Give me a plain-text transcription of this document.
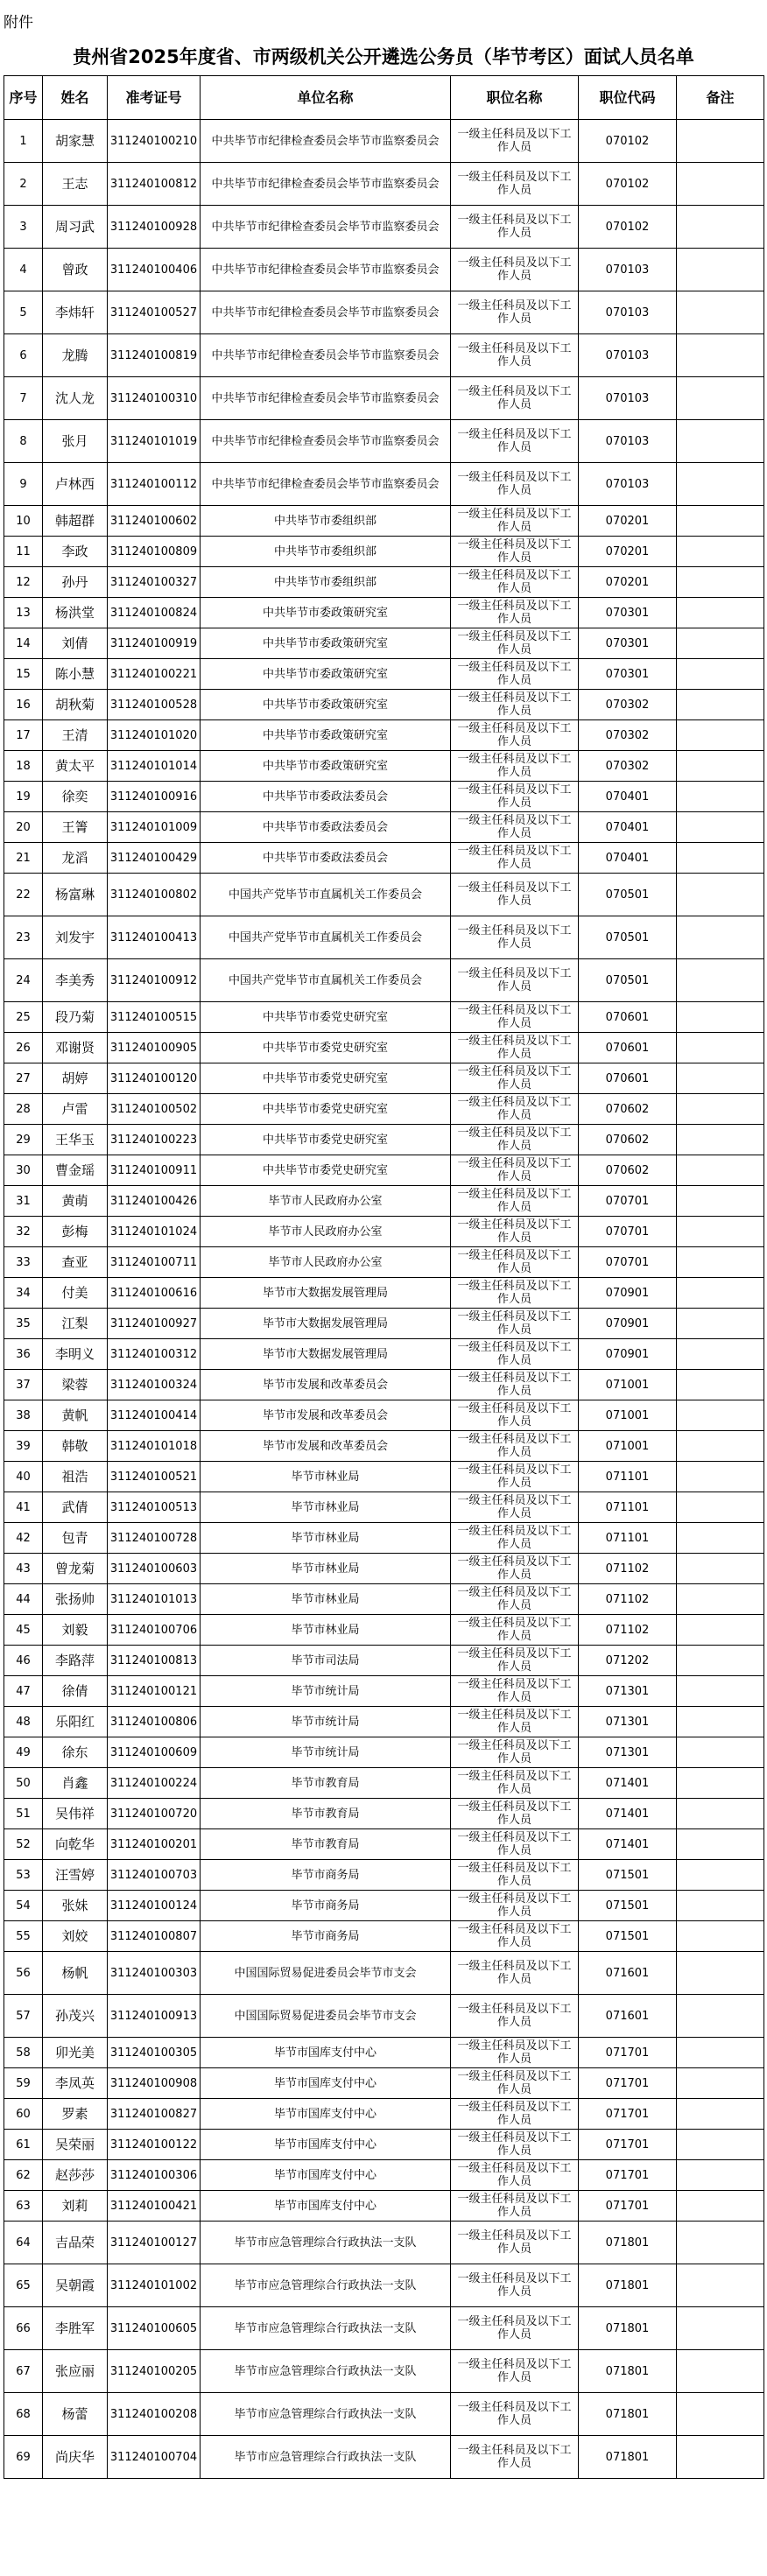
附件
贵州省2025年度省、市两级机关公开遴选公务员（毕节考区）面试人员名单
序号	姓名	准考证号	单位名称	职位名称	职位代码	备注
1	胡家慧	311240100210	中共毕节市纪律检查委员会毕节市监察委员会	一级主任科员及以下工作人员	070102	
2	王志	311240100812	中共毕节市纪律检查委员会毕节市监察委员会	一级主任科员及以下工作人员	070102	
3	周习武	311240100928	中共毕节市纪律检查委员会毕节市监察委员会	一级主任科员及以下工作人员	070102	
4	曾政	311240100406	中共毕节市纪律检查委员会毕节市监察委员会	一级主任科员及以下工作人员	070103	
5	李炜轩	311240100527	中共毕节市纪律检查委员会毕节市监察委员会	一级主任科员及以下工作人员	070103	
6	龙腾	311240100819	中共毕节市纪律检查委员会毕节市监察委员会	一级主任科员及以下工作人员	070103	
7	沈人龙	311240100310	中共毕节市纪律检查委员会毕节市监察委员会	一级主任科员及以下工作人员	070103	
8	张月	311240101019	中共毕节市纪律检查委员会毕节市监察委员会	一级主任科员及以下工作人员	070103	
9	卢林西	311240100112	中共毕节市纪律检查委员会毕节市监察委员会	一级主任科员及以下工作人员	070103	
10	韩超群	311240100602	中共毕节市委组织部	一级主任科员及以下工作人员	070201	
11	李政	311240100809	中共毕节市委组织部	一级主任科员及以下工作人员	070201	
12	孙丹	311240100327	中共毕节市委组织部	一级主任科员及以下工作人员	070201	
13	杨洪堂	311240100824	中共毕节市委政策研究室	一级主任科员及以下工作人员	070301	
14	刘倩	311240100919	中共毕节市委政策研究室	一级主任科员及以下工作人员	070301	
15	陈小慧	311240100221	中共毕节市委政策研究室	一级主任科员及以下工作人员	070301	
16	胡秋菊	311240100528	中共毕节市委政策研究室	一级主任科员及以下工作人员	070302	
17	王清	311240101020	中共毕节市委政策研究室	一级主任科员及以下工作人员	070302	
18	黄太平	311240101014	中共毕节市委政策研究室	一级主任科员及以下工作人员	070302	
19	徐奕	311240100916	中共毕节市委政法委员会	一级主任科员及以下工作人员	070401	
20	王箐	311240101009	中共毕节市委政法委员会	一级主任科员及以下工作人员	070401	
21	龙滔	311240100429	中共毕节市委政法委员会	一级主任科员及以下工作人员	070401	
22	杨富琳	311240100802	中国共产党毕节市直属机关工作委员会	一级主任科员及以下工作人员	070501	
23	刘发宇	311240100413	中国共产党毕节市直属机关工作委员会	一级主任科员及以下工作人员	070501	
24	李美秀	311240100912	中国共产党毕节市直属机关工作委员会	一级主任科员及以下工作人员	070501	
25	段乃菊	311240100515	中共毕节市委党史研究室	一级主任科员及以下工作人员	070601	
26	邓谢贤	311240100905	中共毕节市委党史研究室	一级主任科员及以下工作人员	070601	
27	胡婷	311240100120	中共毕节市委党史研究室	一级主任科员及以下工作人员	070601	
28	卢雷	311240100502	中共毕节市委党史研究室	一级主任科员及以下工作人员	070602	
29	王华玉	311240100223	中共毕节市委党史研究室	一级主任科员及以下工作人员	070602	
30	曹金瑶	311240100911	中共毕节市委党史研究室	一级主任科员及以下工作人员	070602	
31	黄萌	311240100426	毕节市人民政府办公室	一级主任科员及以下工作人员	070701	
32	彭梅	311240101024	毕节市人民政府办公室	一级主任科员及以下工作人员	070701	
33	查亚	311240100711	毕节市人民政府办公室	一级主任科员及以下工作人员	070701	
34	付美	311240100616	毕节市大数据发展管理局	一级主任科员及以下工作人员	070901	
35	江梨	311240100927	毕节市大数据发展管理局	一级主任科员及以下工作人员	070901	
36	李明义	311240100312	毕节市大数据发展管理局	一级主任科员及以下工作人员	070901	
37	梁蓉	311240100324	毕节市发展和改革委员会	一级主任科员及以下工作人员	071001	
38	黄帆	311240100414	毕节市发展和改革委员会	一级主任科员及以下工作人员	071001	
39	韩敬	311240101018	毕节市发展和改革委员会	一级主任科员及以下工作人员	071001	
40	祖浩	311240100521	毕节市林业局	一级主任科员及以下工作人员	071101	
41	武倩	311240100513	毕节市林业局	一级主任科员及以下工作人员	071101	
42	包青	311240100728	毕节市林业局	一级主任科员及以下工作人员	071101	
43	曾龙菊	311240100603	毕节市林业局	一级主任科员及以下工作人员	071102	
44	张扬帅	311240101013	毕节市林业局	一级主任科员及以下工作人员	071102	
45	刘毅	311240100706	毕节市林业局	一级主任科员及以下工作人员	071102	
46	李路萍	311240100813	毕节市司法局	一级主任科员及以下工作人员	071202	
47	徐倩	311240100121	毕节市统计局	一级主任科员及以下工作人员	071301	
48	乐阳红	311240100806	毕节市统计局	一级主任科员及以下工作人员	071301	
49	徐东	311240100609	毕节市统计局	一级主任科员及以下工作人员	071301	
50	肖鑫	311240100224	毕节市教育局	一级主任科员及以下工作人员	071401	
51	吴伟祥	311240100720	毕节市教育局	一级主任科员及以下工作人员	071401	
52	向乾华	311240100201	毕节市教育局	一级主任科员及以下工作人员	071401	
53	汪雪婷	311240100703	毕节市商务局	一级主任科员及以下工作人员	071501	
54	张妹	311240100124	毕节市商务局	一级主任科员及以下工作人员	071501	
55	刘姣	311240100807	毕节市商务局	一级主任科员及以下工作人员	071501	
56	杨帆	311240100303	中国国际贸易促进委员会毕节市支会	一级主任科员及以下工作人员	071601	
57	孙茂兴	311240100913	中国国际贸易促进委员会毕节市支会	一级主任科员及以下工作人员	071601	
58	卯光美	311240100305	毕节市国库支付中心	一级主任科员及以下工作人员	071701	
59	李凤英	311240100908	毕节市国库支付中心	一级主任科员及以下工作人员	071701	
60	罗素	311240100827	毕节市国库支付中心	一级主任科员及以下工作人员	071701	
61	吴荣丽	311240100122	毕节市国库支付中心	一级主任科员及以下工作人员	071701	
62	赵莎莎	311240100306	毕节市国库支付中心	一级主任科员及以下工作人员	071701	
63	刘莉	311240100421	毕节市国库支付中心	一级主任科员及以下工作人员	071701	
64	吉品荣	311240100127	毕节市应急管理综合行政执法一支队	一级主任科员及以下工作人员	071801	
65	吴朝霞	311240101002	毕节市应急管理综合行政执法一支队	一级主任科员及以下工作人员	071801	
66	李胜军	311240100605	毕节市应急管理综合行政执法一支队	一级主任科员及以下工作人员	071801	
67	张应丽	311240100205	毕节市应急管理综合行政执法一支队	一级主任科员及以下工作人员	071801	
68	杨蕾	311240100208	毕节市应急管理综合行政执法一支队	一级主任科员及以下工作人员	071801	
69	尚庆华	311240100704	毕节市应急管理综合行政执法一支队	一级主任科员及以下工作人员	071801	
